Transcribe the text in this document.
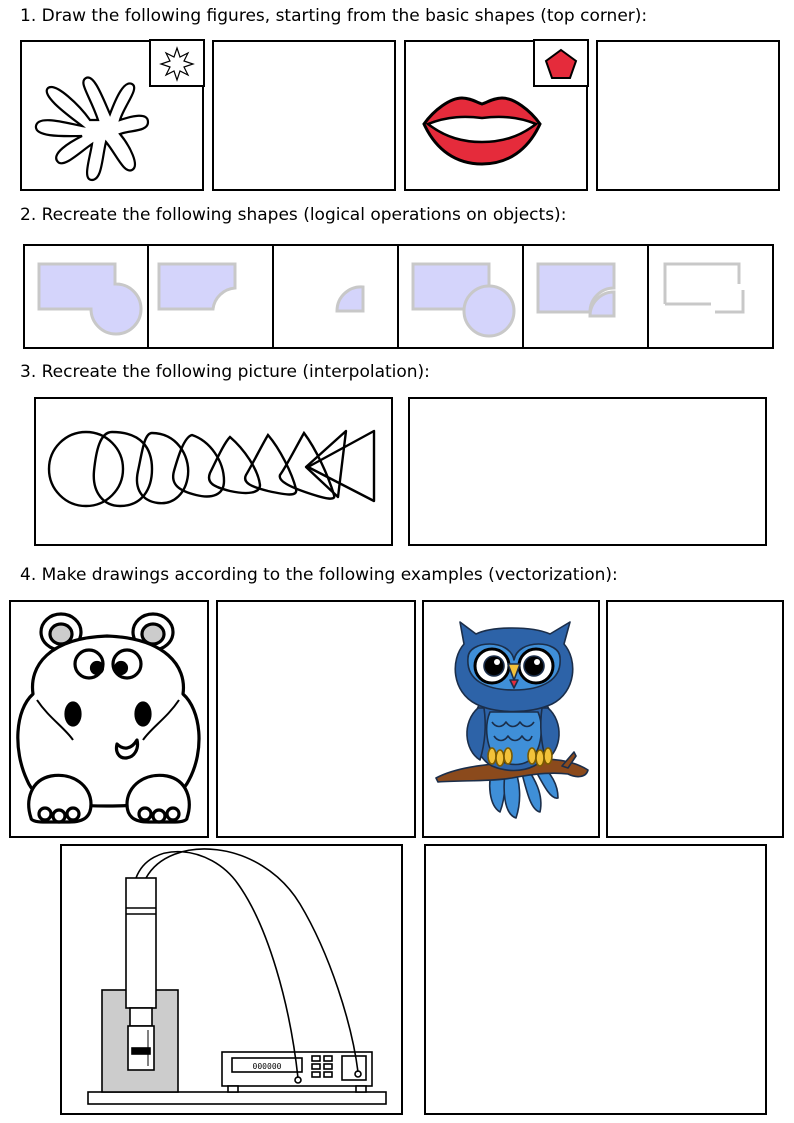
1. Draw the following figures, starting from the basic shapes (top corner):
2. Recreate the following shapes (logical operations on objects):
3. Recreate the following picture (interpolation):
4. Make drawings according to the following examples (vectorization):
000000
